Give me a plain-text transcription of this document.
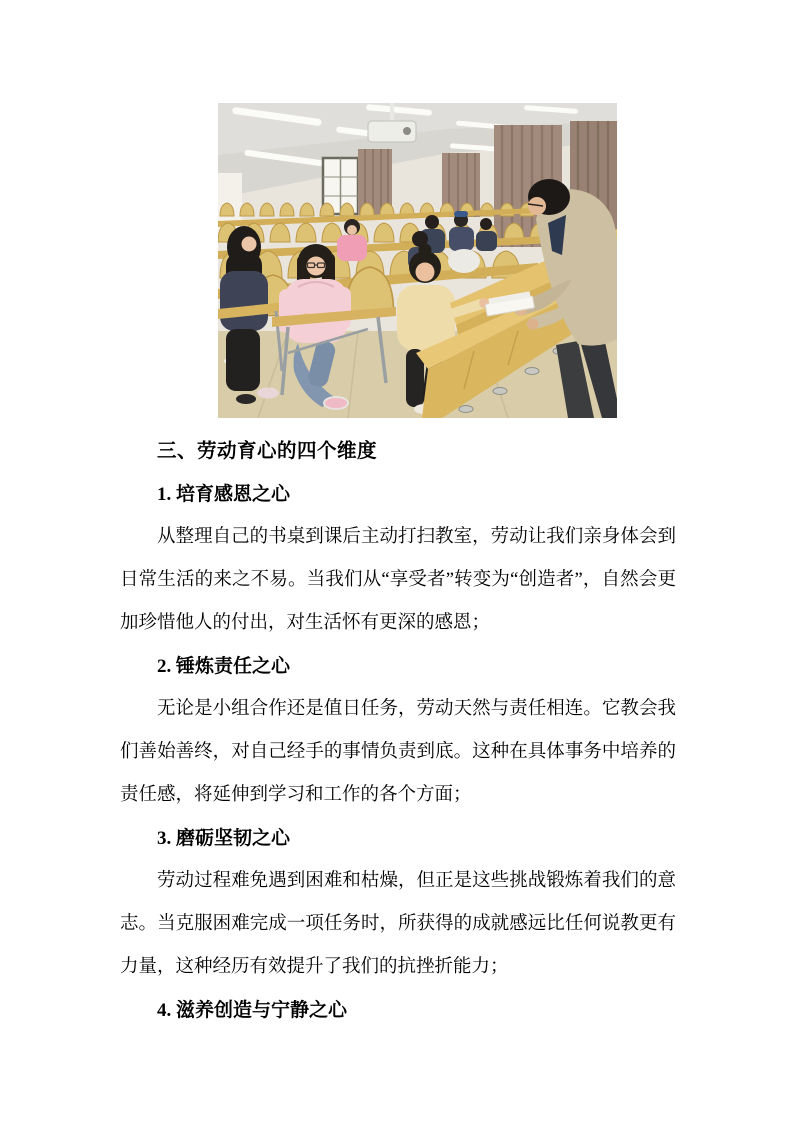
三、劳动育心的四个维度

1. 培育感恩之心

从整理自己的书桌到课后主动打扫教室，劳动让我们亲身体会到日常生活的来之不易。当我们从“享受者”转变为“创造者”，自然会更加珍惜他人的付出，对生活怀有更深的感恩；

2. 锤炼责任之心

无论是小组合作还是值日任务，劳动天然与责任相连。它教会我们善始善终，对自己经手的事情负责到底。这种在具体事务中培养的责任感，将延伸到学习和工作的各个方面；

3. 磨砺坚韧之心

劳动过程难免遇到困难和枯燥，但正是这些挑战锻炼着我们的意志。当克服困难完成一项任务时，所获得的成就感远比任何说教更有力量，这种经历有效提升了我们的抗挫折能力；

4. 滋养创造与宁静之心
